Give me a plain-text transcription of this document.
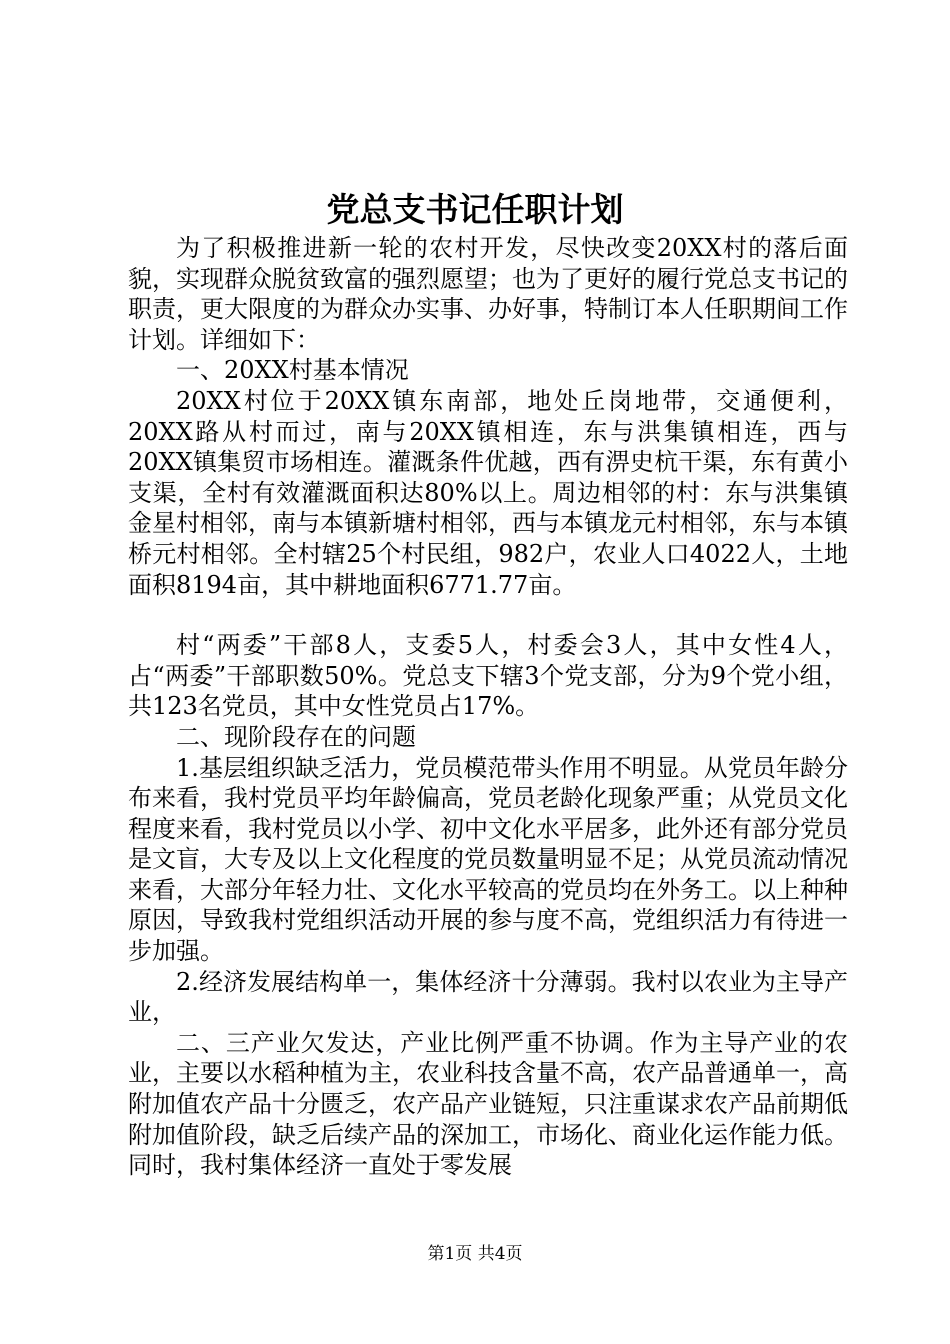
党总支书记任职计划

为了积极推进新一轮的农村开发，尽快改变20XX村的落后面貌，实现群众脱贫致富的强烈愿望；也为了更好的履行党总支书记的职责，更大限度的为群众办实事、办好事，特制订本人任职期间工作计划。详细如下：

一、20XX村基本情况

20XX村位于20XX镇东南部，地处丘岗地带，交通便利，20XX路从村而过，南与20XX镇相连，东与洪集镇相连，西与20XX镇集贸市场相连。灌溉条件优越，西有淠史杭干渠，东有黄小支渠，全村有效灌溉面积达80%以上。周边相邻的村：东与洪集镇金星村相邻，南与本镇新塘村相邻，西与本镇龙元村相邻，东与本镇桥元村相邻。全村辖25个村民组，982户，农业人口4022人，土地面积8194亩，其中耕地面积6771.77亩。

村“两委”干部8人，支委5人，村委会3人，其中女性4人，占“两委”干部职数50%。党总支下辖3个党支部，分为9个党小组，共123名党员，其中女性党员占17%。

二、现阶段存在的问题

1.基层组织缺乏活力，党员模范带头作用不明显。从党员年龄分布来看，我村党员平均年龄偏高，党员老龄化现象严重；从党员文化程度来看，我村党员以小学、初中文化水平居多，此外还有部分党员是文盲，大专及以上文化程度的党员数量明显不足；从党员流动情况来看，大部分年轻力壮、文化水平较高的党员均在外务工。以上种种原因，导致我村党组织活动开展的参与度不高，党组织活力有待进一步加强。

2.经济发展结构单一，集体经济十分薄弱。我村以农业为主导产业，

二、三产业欠发达，产业比例严重不协调。作为主导产业的农业，主要以水稻种植为主，农业科技含量不高，农产品普通单一，高附加值农产品十分匮乏，农产品产业链短，只注重谋求农产品前期低附加值阶段，缺乏后续产品的深加工，市场化、商业化运作能力低。同时，我村集体经济一直处于零发展

第1页 共4页
